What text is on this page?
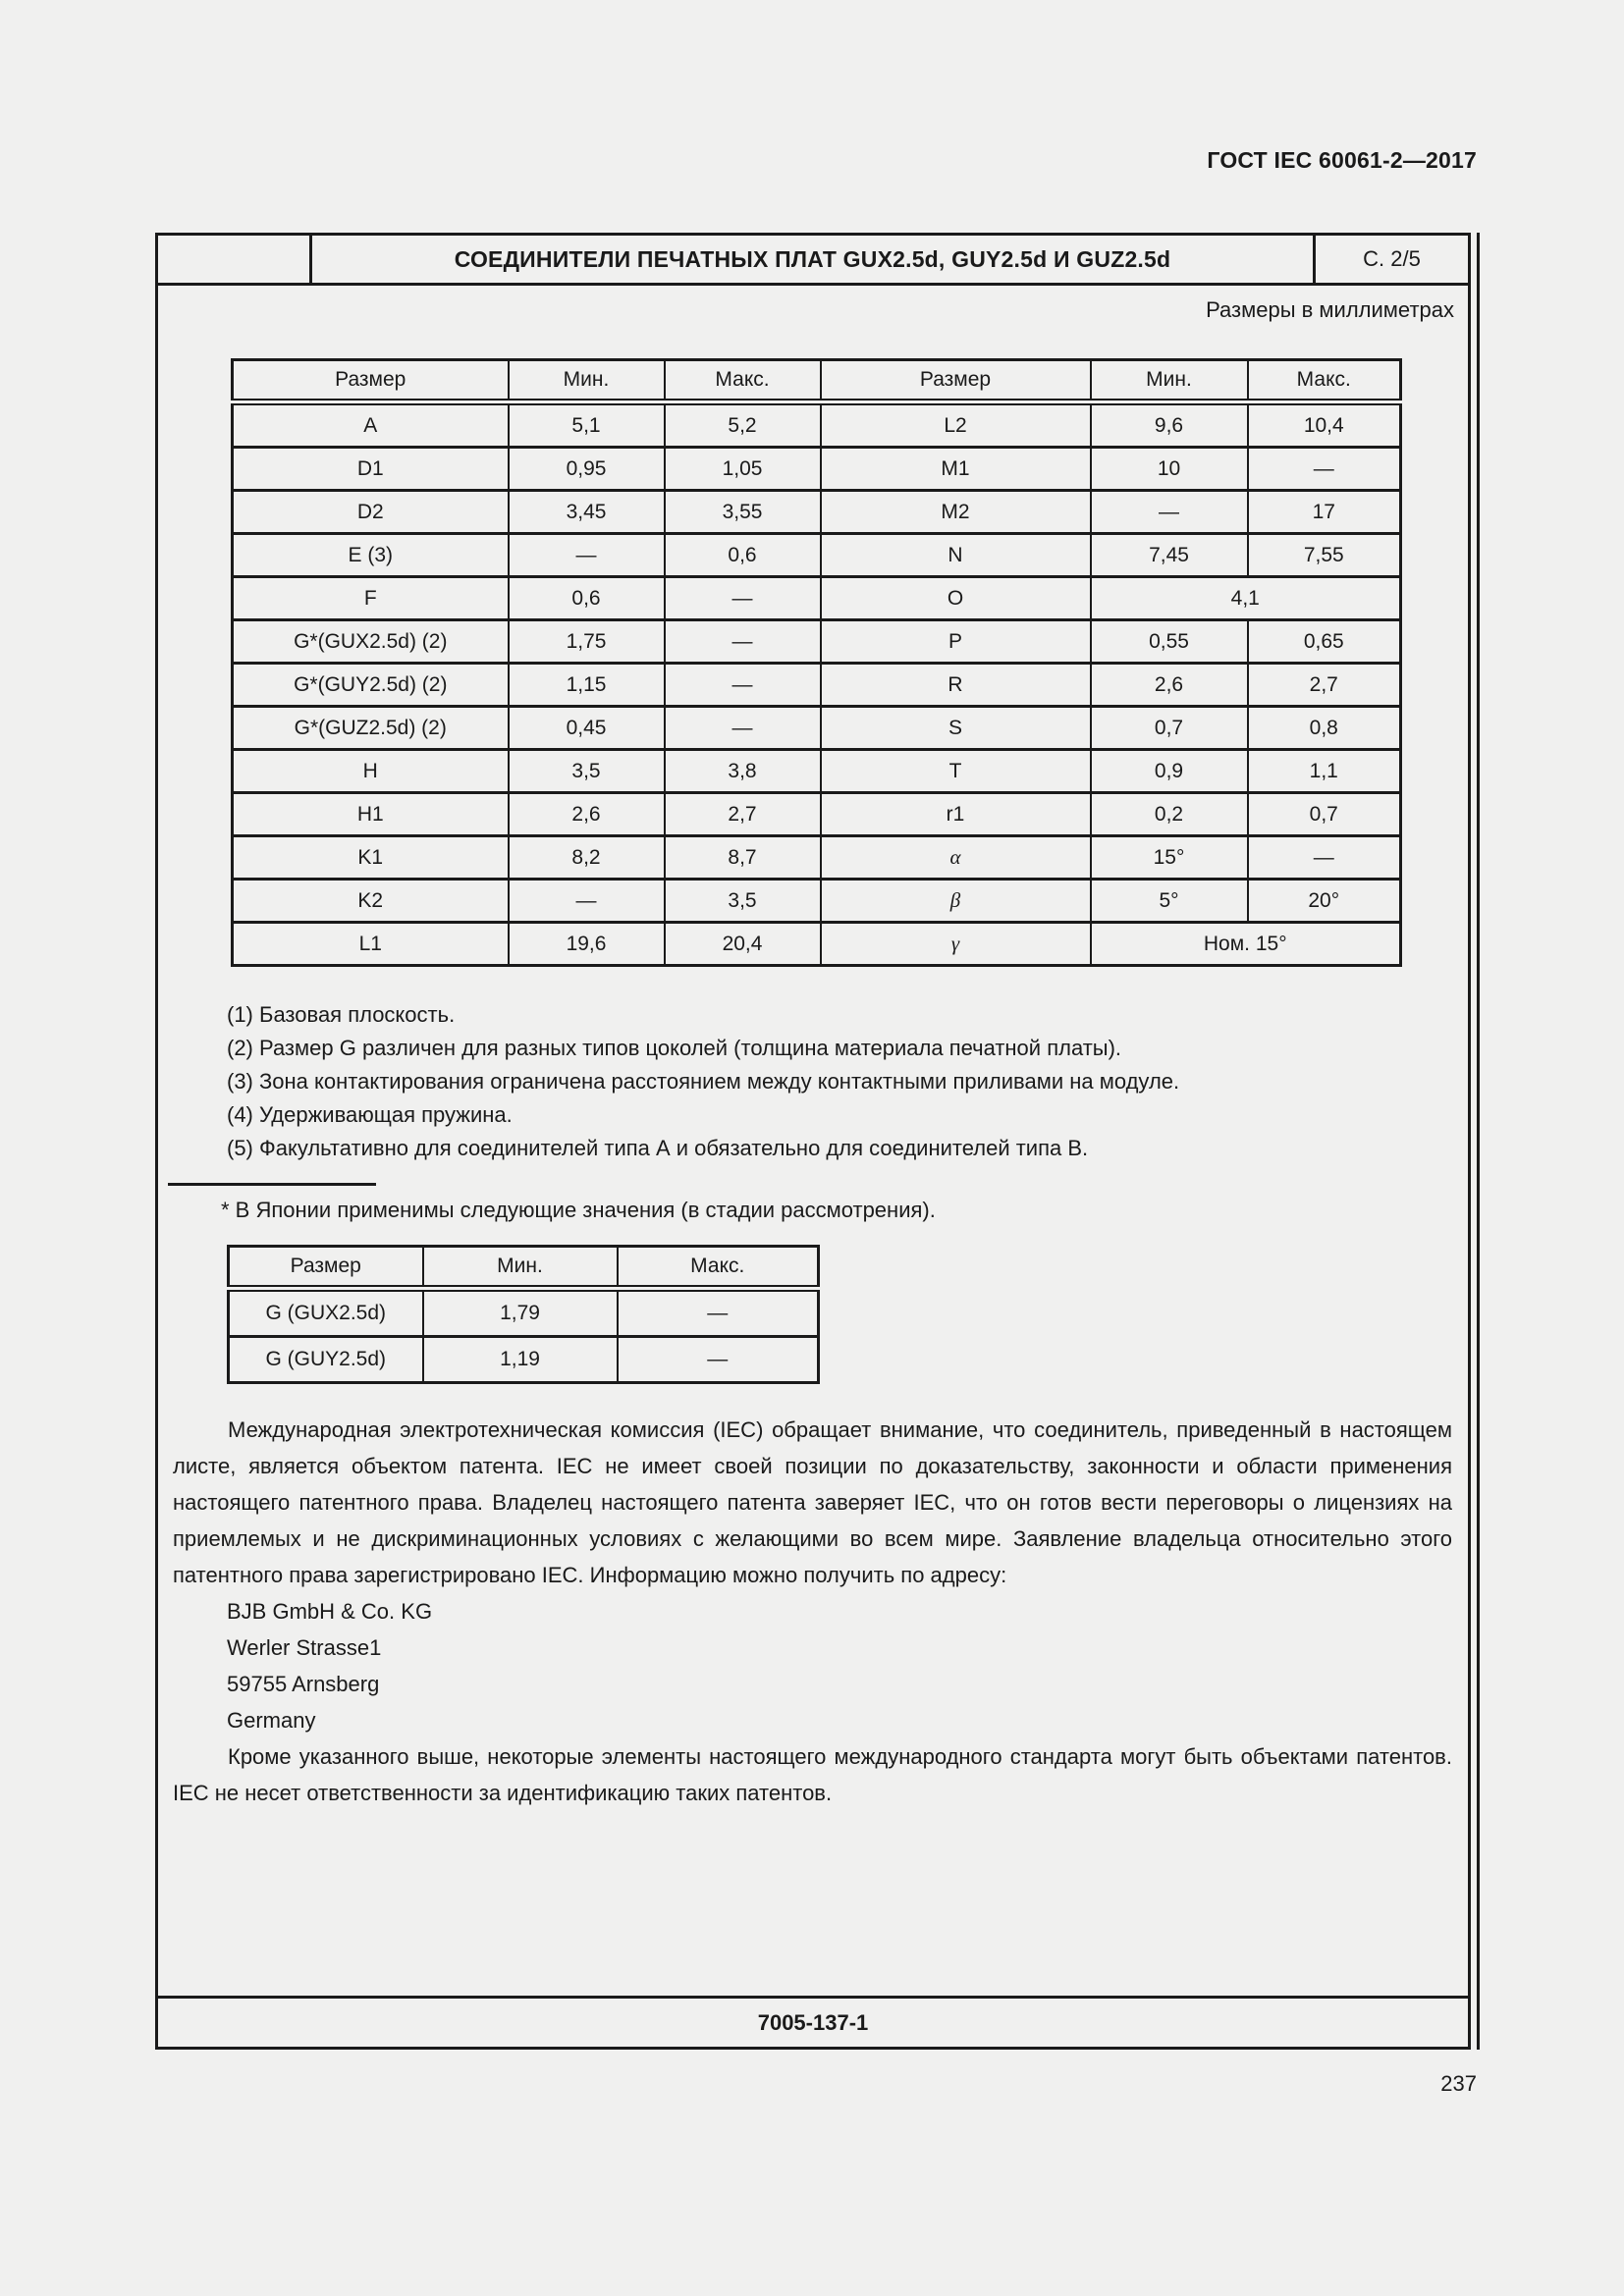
ГОСТ IEC 60061-2—2017
СОЕДИНИТЕЛИ ПЕЧАТНЫХ ПЛАТ GUX2.5d, GUY2.5d И GUZ2.5d	С. 2/5
Размеры в миллиметрах
Размер	Мин.	Макс.	Размер	Мин.	Макс.
A	5,1	5,2	L2	9,6	10,4
D1	0,95	1,05	M1	10	—
D2	3,45	3,55	M2	—	17
E (3)	—	0,6	N	7,45	7,55
F	0,6	—	O	4,1	
G*(GUX2.5d) (2)	1,75	—	P	0,55	0,65
G*(GUY2.5d) (2)	1,15	—	R	2,6	2,7
G*(GUZ2.5d) (2)	0,45	—	S	0,7	0,8
H	3,5	3,8	T	0,9	1,1
H1	2,6	2,7	r1	0,2	0,7
K1	8,2	8,7	α	15°	—
K2	—	3,5	β	5°	20°
L1	19,6	20,4	γ	Ном. 15°	
(1) Базовая плоскость.
(2) Размер G различен для разных типов цоколей (толщина материала печатной платы).
(3) Зона контактирования ограничена расстоянием между контактными приливами на модуле.
(4) Удерживающая пружина.
(5) Факультативно для соединителей типа А и обязательно для соединителей типа В.
* В Японии применимы следующие значения (в стадии рассмотрения).
Размер	Мин.	Макс.
G (GUX2.5d)	1,79	—
G (GUY2.5d)	1,19	—
Международная электротехническая комиссия (IEC) обращает внимание, что соединитель, приведенный в настоящем листе, является объектом патента. IEC не имеет своей позиции по доказательству, законности и области применения настоящего патентного права. Владелец настоящего патента заверяет IEC, что он готов вести переговоры о лицензиях на приемлемых и не дискриминационных условиях с желающими во всем мире. Заявление владельца относительно этого патентного права зарегистрировано IEC. Информацию можно получить по адресу:
BJB GmbH & Co. KG
Werler Strasse1
59755 Arnsberg
Germany
Кроме указанного выше, некоторые элементы настоящего международного стандарта могут быть объектами патентов. IEC не несет ответственности за идентификацию таких патентов.
7005-137-1
237
